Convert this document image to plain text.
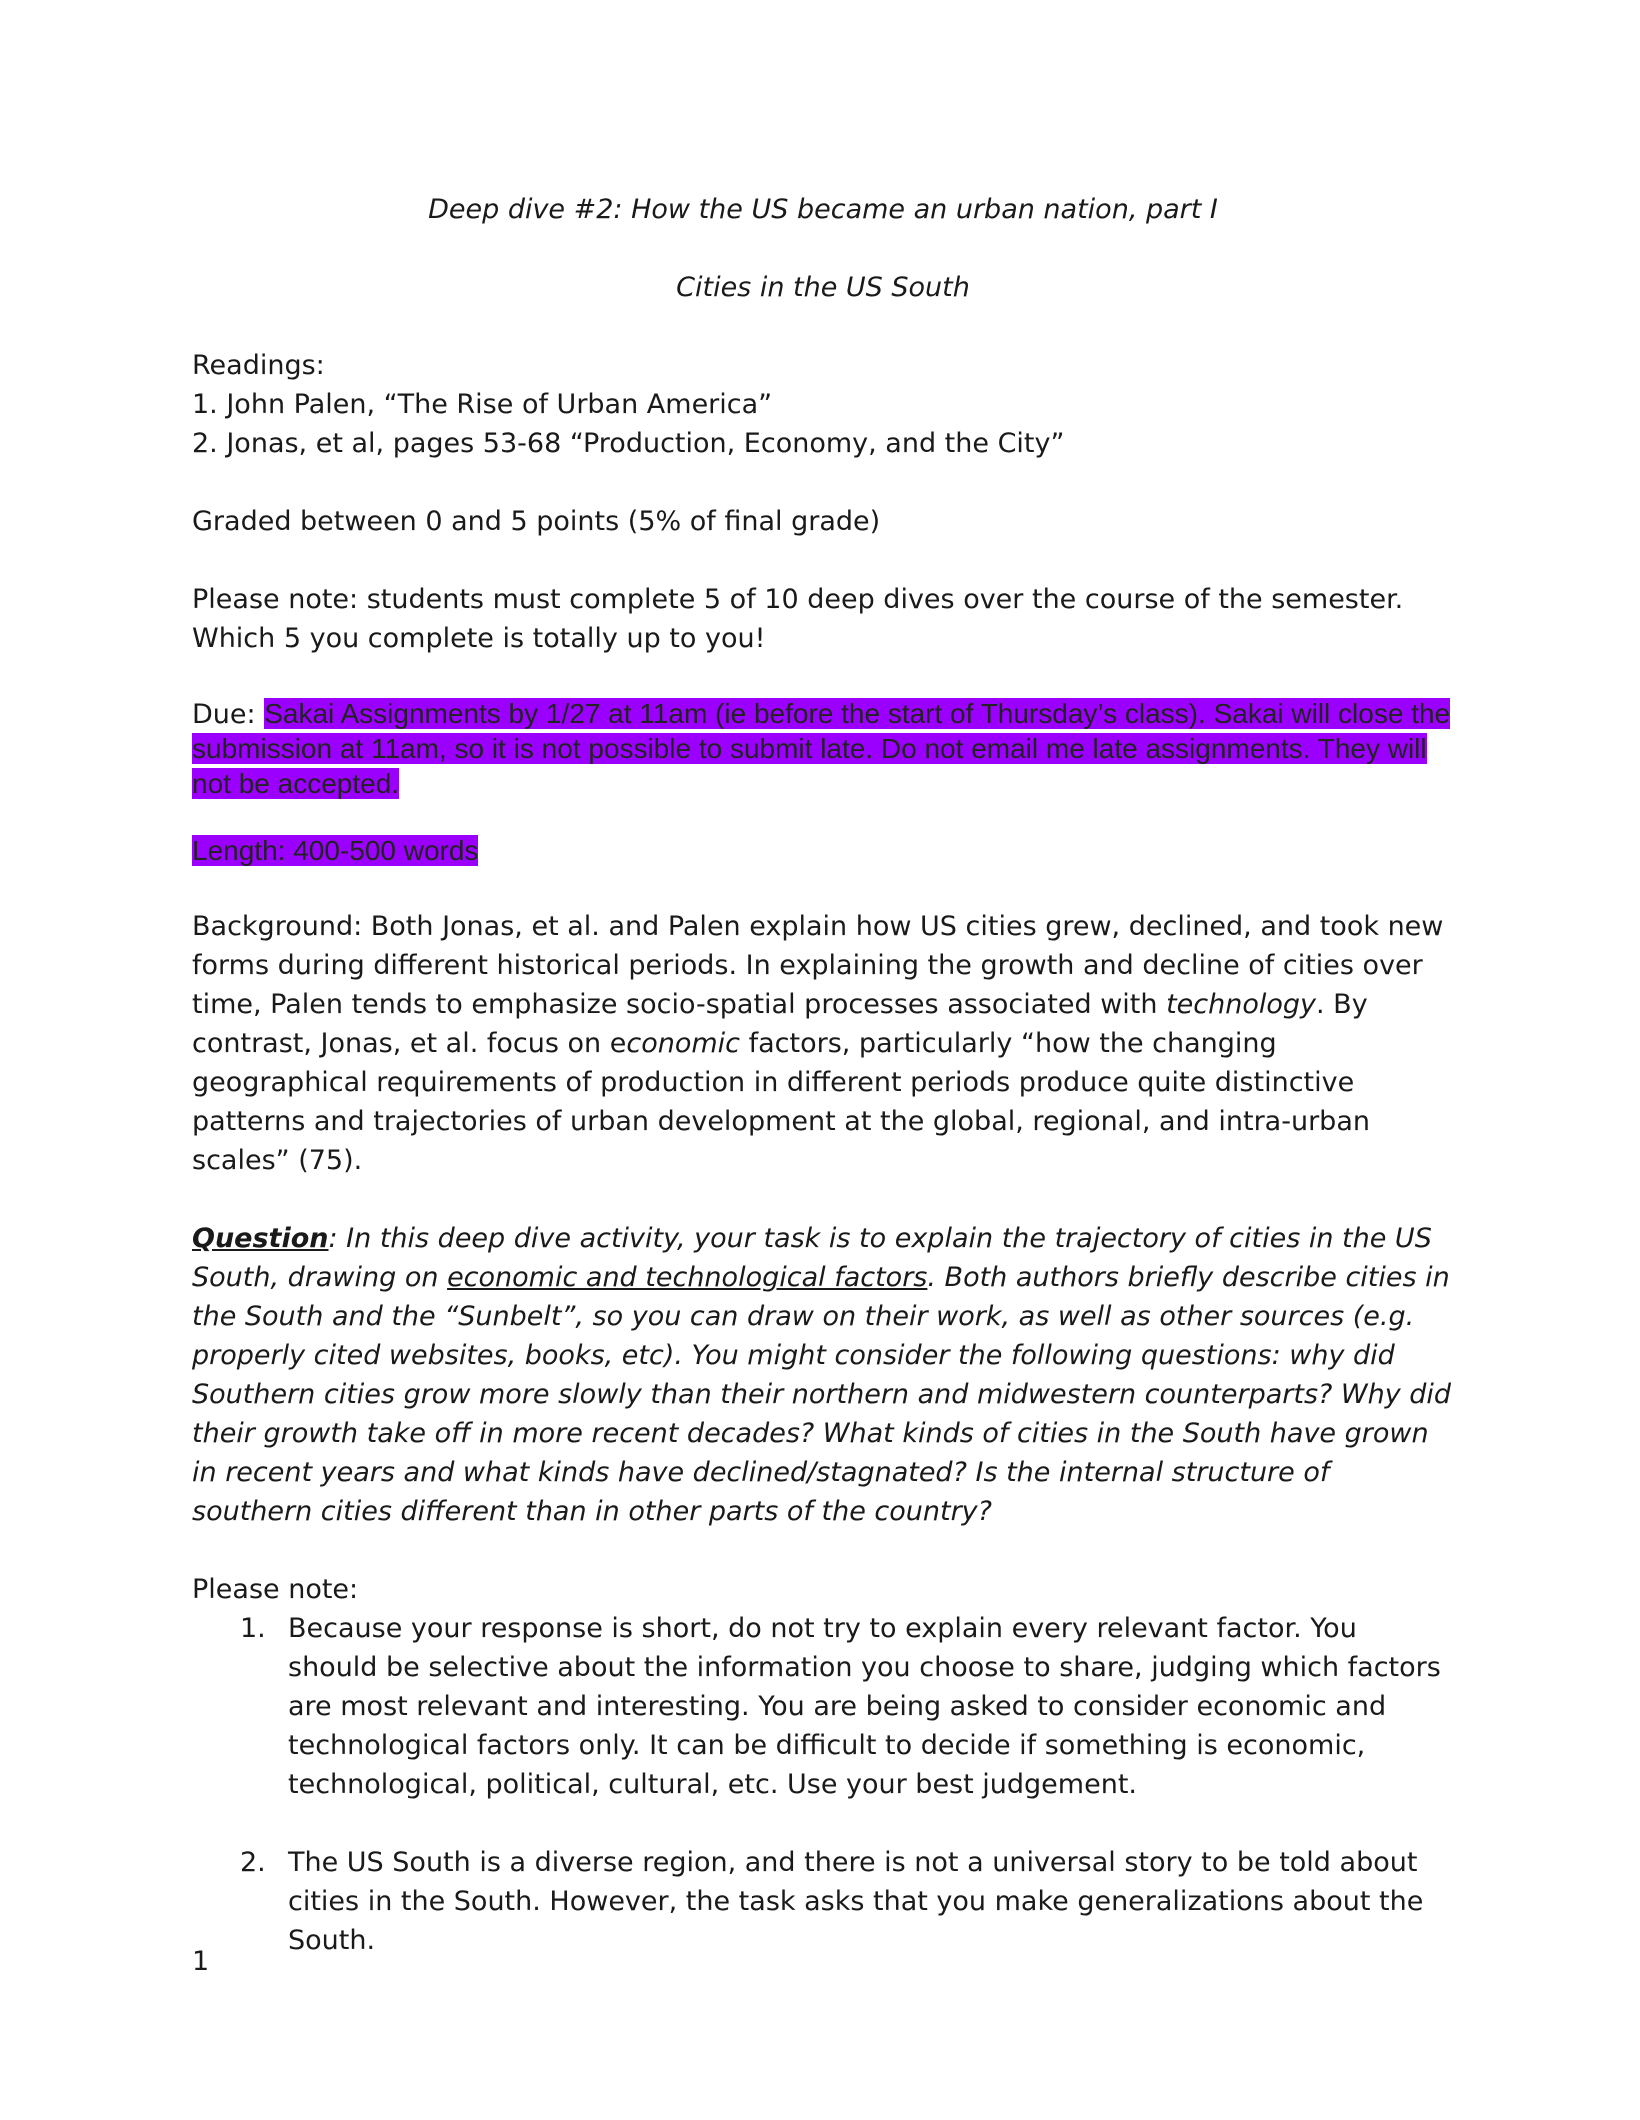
Deep dive #2: How the US became an urban nation, part I

Cities in the US South

Readings:

1. John Palen, “The Rise of Urban America”

2. Jonas, et al, pages 53-68 “Production, Economy, and the City”

Graded between 0 and 5 points (5% of final grade)

Please note: students must complete 5 of 10 deep dives over the course of the semester. Which 5 you complete is totally up to you!

Due: Sakai Assignments by 1/27 at 11am (ie before the start of Thursday’s class). Sakai will close the submission at 11am, so it is not possible to submit late. Do not email me late assignments. They will not be accepted.

Length: 400-500 words

Background: Both Jonas, et al. and Palen explain how US cities grew, declined, and took new forms during different historical periods. In explaining the growth and decline of cities over time, Palen tends to emphasize socio-spatial processes associated with technology. By contrast, Jonas, et al. focus on economic factors, particularly “how the changing geographical requirements of production in different periods produce quite distinctive patterns and trajectories of urban development at the global, regional, and intra-urban scales” (75).

Question: In this deep dive activity, your task is to explain the trajectory of cities in the US South, drawing on economic and technological factors. Both authors briefly describe cities in the South and the “Sunbelt”, so you can draw on their work, as well as other sources (e.g. properly cited websites, books, etc). You might consider the following questions: why did Southern cities grow more slowly than their northern and midwestern counterparts? Why did their growth take off in more recent decades? What kinds of cities in the South have grown in recent years and what kinds have declined/stagnated? Is the internal structure of southern cities different than in other parts of the country?

Please note:

1. Because your response is short, do not try to explain every relevant factor. You should be selective about the information you choose to share, judging which factors are most relevant and interesting. You are being asked to consider economic and technological factors only. It can be difficult to decide if something is economic, technological, political, cultural, etc. Use your best judgement.
2. The US South is a diverse region, and there is not a universal story to be told about cities in the South. However, the task asks that you make generalizations about the South.
1
